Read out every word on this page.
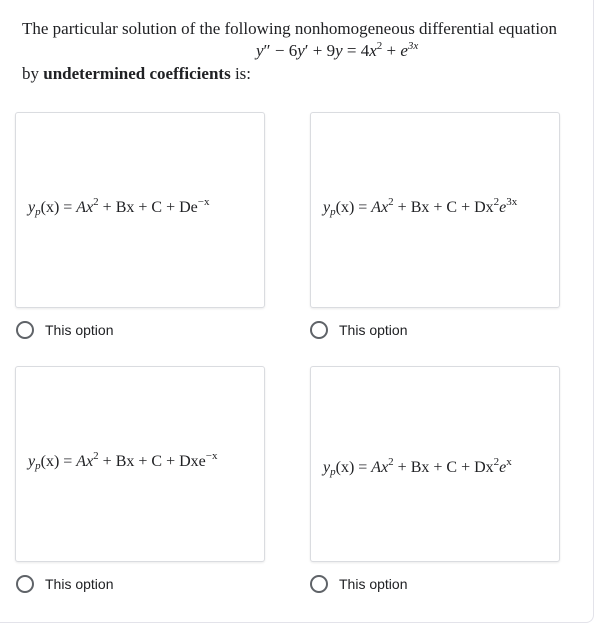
The particular solution of the following nonhomogeneous differential equation
$y'' - 6y' + 9y = 4x^2 + e^{3x}$
by undetermined coefficients is:
$y_p(x) = Ax^2 + Bx + C + De^{-x}$
This option
$y_p(x) = Ax^2 + Bx + C + Dx^2e^{3x}$
This option
$y_p(x) = Ax^2 + Bx + C + Dxe^{-x}$
This option
$y_p(x) = Ax^2 + Bx + C + Dx^2e^x$
This option
